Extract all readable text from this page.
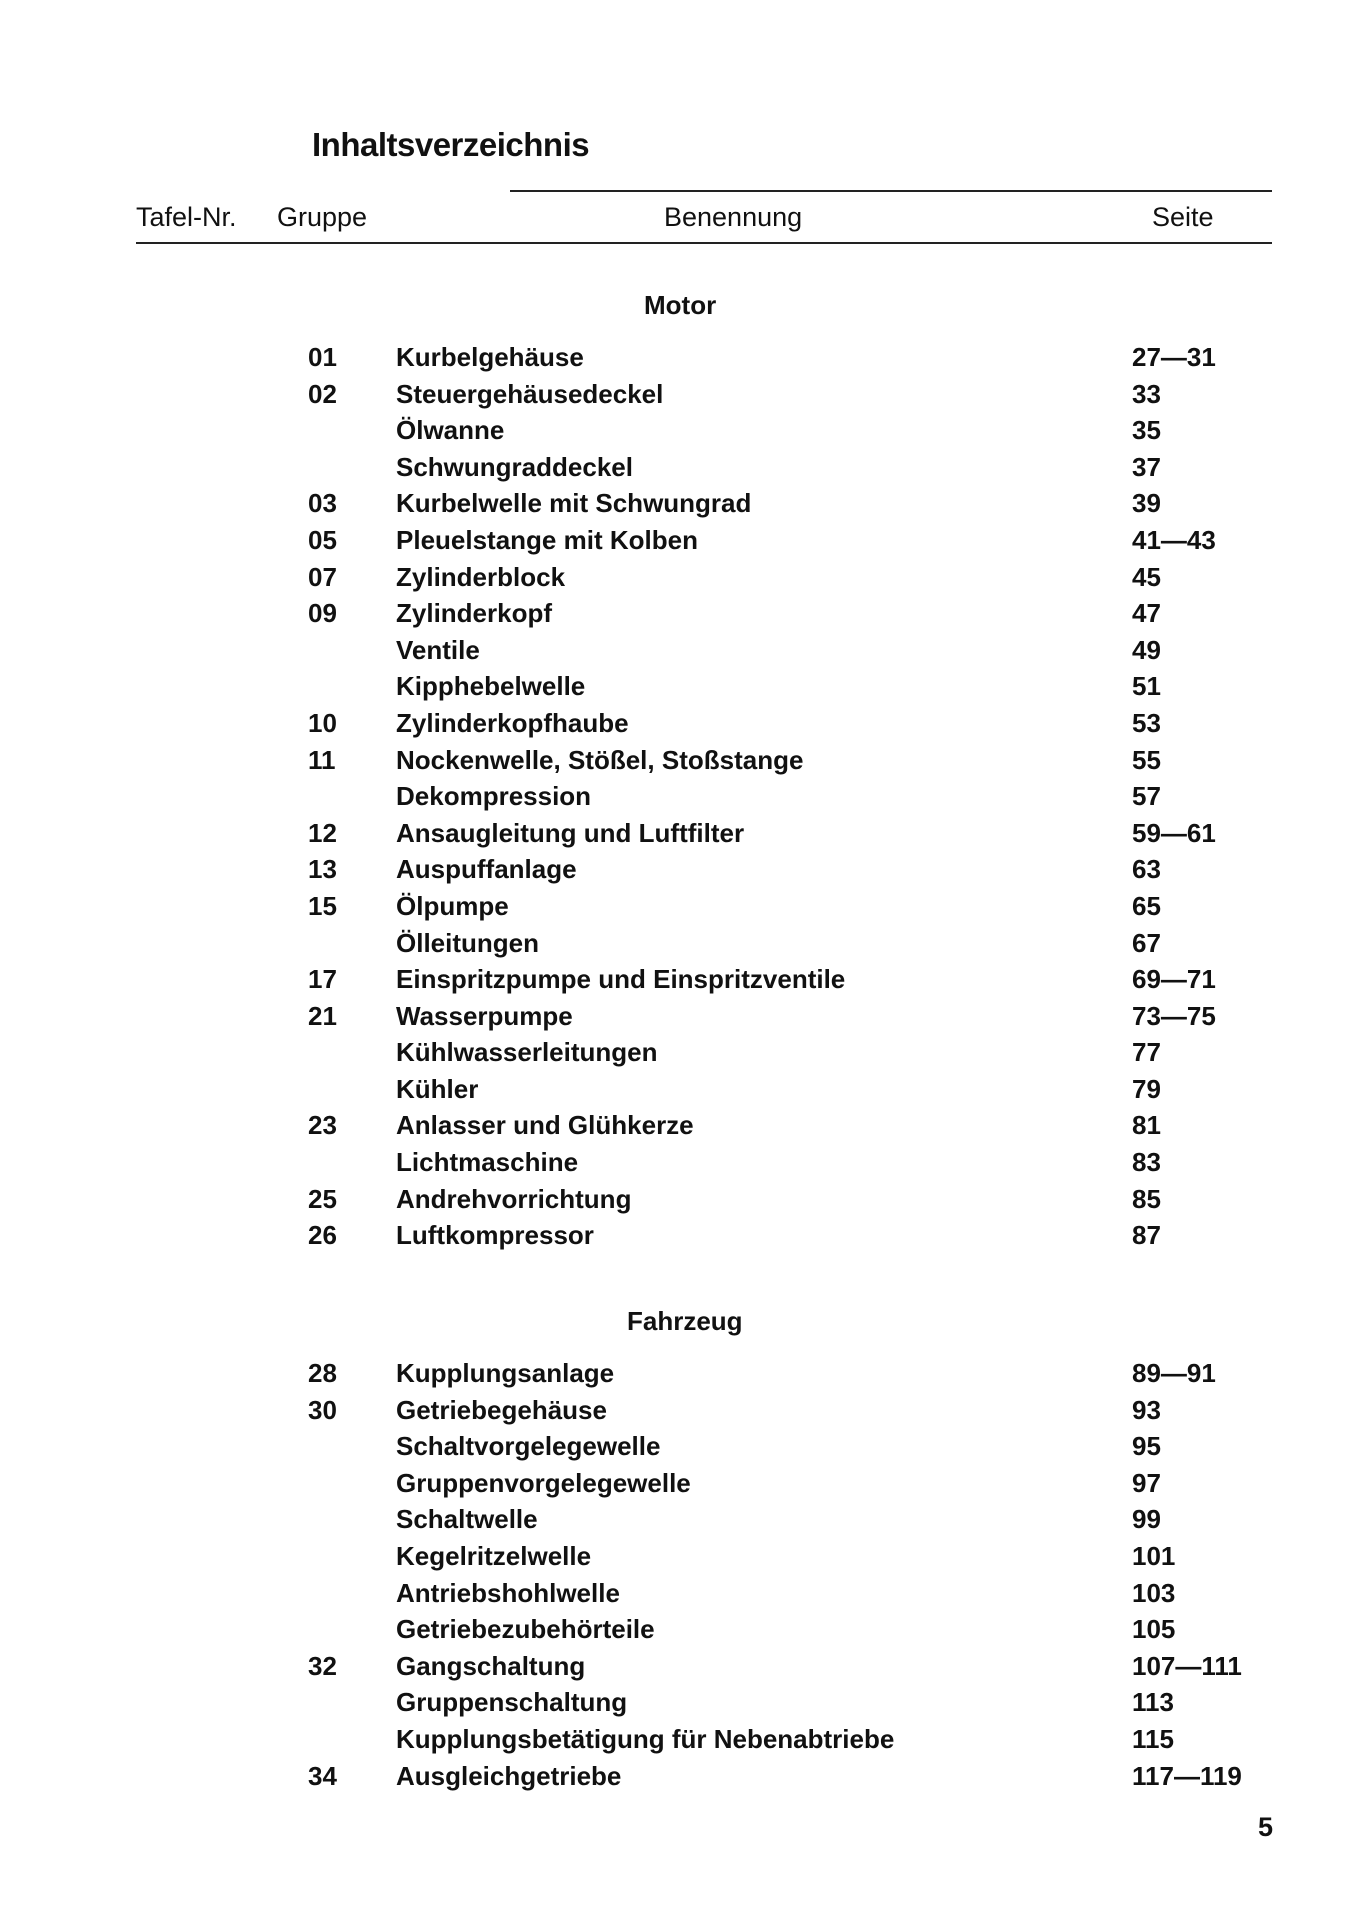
Inhaltsverzeichnis
Tafel-Nr. Gruppe	Benennung	Seite
Motor
01 Kurbelgehäuse	27—31
02 Steuergehäusedeckel	33
Ölwanne	35
Schwungraddeckel	37
03 Kurbelwelle mit Schwungrad	39
05 Pleuelstange mit Kolben	41—43
07 Zylinderblock	45
09 Zylinderkopf	47
Ventile	49
Kipphebelwelle	51
10 Zylinderkopfhaube	53
11 Nockenwelle, Stößel, Stoßstange	55
Dekompression	57
12 Ansaugleitung und Luftfilter	59—61
13 Auspuffanlage	63
15 Ölpumpe	65
Ölleitungen	67
17 Einspritzpumpe und Einspritzventile	69—71
21 Wasserpumpe	73—75
Kühlwasserleitungen	77
Kühler	79
23 Anlasser und Glühkerze	81
Lichtmaschine	83
25 Andrehvorrichtung	85
26 Luftkompressor	87
Fahrzeug
28 Kupplungsanlage	89—91
30 Getriebegehäuse	93
Schaltvorgelegewelle	95
Gruppenvorgelegewelle	97
Schaltwelle	99
Kegelritzelwelle	101
Antriebshohlwelle	103
Getriebezubehörteile	105
32 Gangschaltung	107—111
Gruppenschaltung	113
Kupplungsbetätigung für Nebenabtriebe	115
34 Ausgleichgetriebe	117—119
5
